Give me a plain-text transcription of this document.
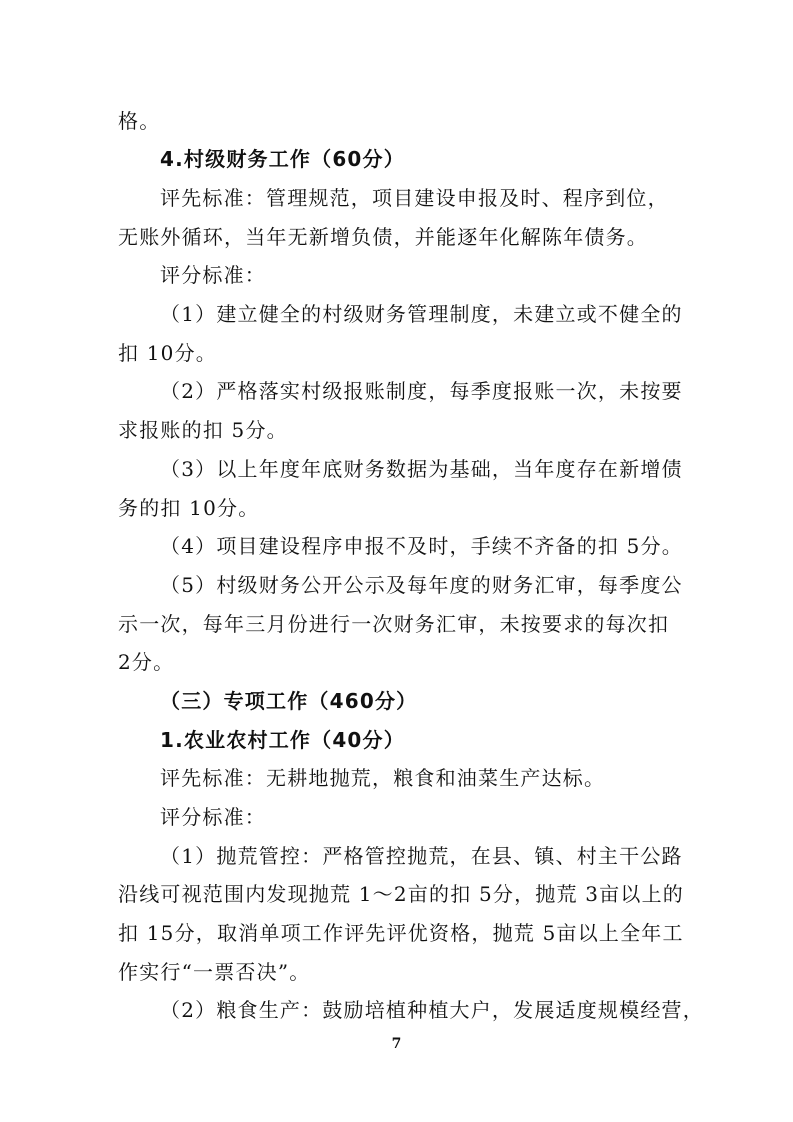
格。
4.村级财务工作（60分）
评先标准：管理规范，项目建设申报及时、程序到位，
无账外循环，当年无新增负债，并能逐年化解陈年债务。
评分标准：
（1）建立健全的村级财务管理制度，未建立或不健全的
扣 10分。
（2）严格落实村级报账制度，每季度报账一次，未按要
求报账的扣 5分。
（3）以上年度年底财务数据为基础，当年度存在新增债
务的扣 10分。
（4）项目建设程序申报不及时，手续不齐备的扣 5分。
（5）村级财务公开公示及每年度的财务汇审，每季度公
示一次，每年三月份进行一次财务汇审，未按要求的每次扣
2分。
（三）专项工作（460分）
1.农业农村工作（40分）
评先标准：无耕地抛荒，粮食和油菜生产达标。
评分标准：
（1）抛荒管控：严格管控抛荒，在县、镇、村主干公路
沿线可视范围内发现抛荒 1～2亩的扣 5分，抛荒 3亩以上的
扣 15分，取消单项工作评先评优资格，抛荒 5亩以上全年工
作实行“一票否决”。
（2）粮食生产：鼓励培植种植大户，发展适度规模经营，
7
